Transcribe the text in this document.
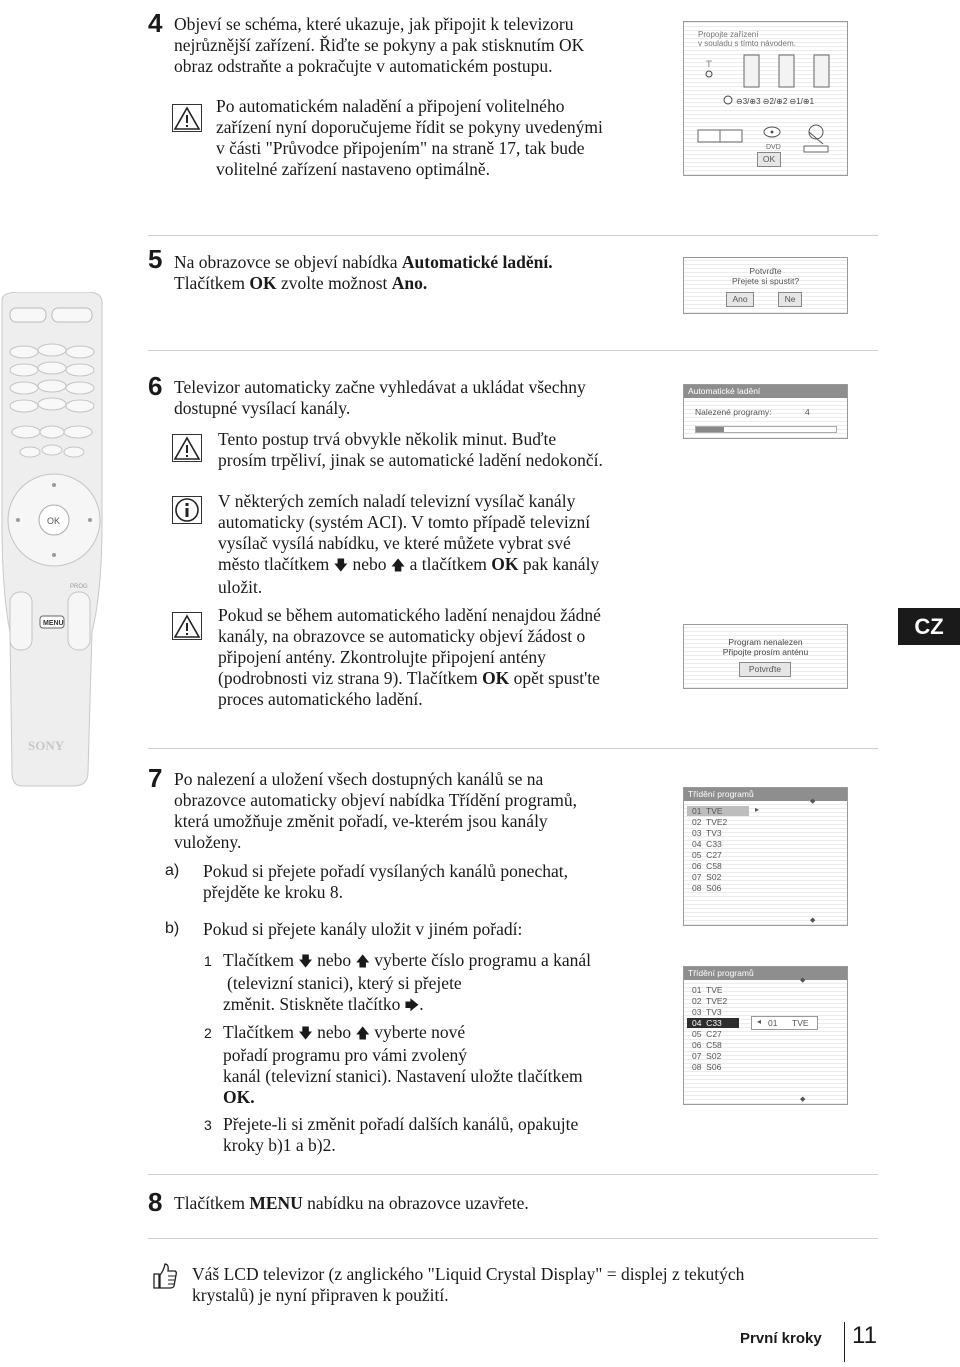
4 Objeví se schéma, které ukazuje, jak připojit k televizoru
nejrůznější zařízení. Řiďte se pokyny a pak stisknutím OK
obraz odstraňte a pokračujte v automatickém postupu.
Po automatickém naladění a připojení volitelného
zařízení nyní doporučujeme řídit se pokyny uvedenými
v části "Průvodce připojením" na straně 17, tak bude
volitelné zařízení nastaveno optimálně.
Propojte zařízení
v souladu s tímto návodem.
⊤
⊖3/⊕3 ⊖2/⊕2 ⊖1/⊕1
DVD
OK
5 Na obrazovce se objeví nabídka Automatické ladění.
Tlačítkem OK zvolte možnost Ano.
Potvrďte
Přejete si spustit?
Ano	Ne
OK
MENU
PROG
SONY
6 Televizor automaticky začne vyhledávat a ukládat všechny
dostupné vysílací kanály.
Tento postup trvá obvykle několik minut. Buďte
prosím trpěliví, jinak se automatické ladění nedokončí.
V některých zemích naladí televizní vysílač kanály
automaticky (systém ACI). V tomto případě televizní
vysílač vysílá nabídku, ve které můžete vybrat své
město tlačítkem 🡇 nebo 🡅 a tlačítkem OK pak kanály
uložit.
Pokud se během automatického ladění nenajdou žádné
kanály, na obrazovce se automaticky objeví žádost o
připojení antény. Zkontrolujte připojení antény
(podrobnosti viz strana 9). Tlačítkem OK opět spust'te
proces automatického ladění.
Automatické ladění
Nalezené programy:	4
Program nenalezen
Připojte prosím anténu
Potvrďte
CZ
7 Po nalezení a uložení všech dostupných kanálů se na
obrazovce automaticky objeví nabídka Třídění programů,
která umožňuje změnit pořadí, ve-kterém jsou kanály
vuloženy.
a) Pokud si přejete pořadí vysílaných kanálů ponechat,
přejděte ke kroku 8.
b) Pokud si přejete kanály uložit v jiném pořadí:
1 Tlačítkem 🡇 nebo 🡅 vyberte číslo programu a kanál
(televizní stanici), který si přejete
změnit. Stiskněte tlačítko 🡆.
2 Tlačítkem 🡇 nebo 🡅 vyberte nové
pořadí programu pro vámi zvolený
kanál (televizní stanici). Nastavení uložte tlačítkem
OK.
3 Přejete-li si změnit pořadí dalších kanálů, opakujte
kroky b)1 a b)2.
Třídění programů
01  TVE
02  TVE2
03  TV3
04  C33
05  C27
06  C58
07  S02
08  S06
▸
◆
◆
Třídění programů
01  TVE
02  TVE2
03  TV3
04  C33
05  C27
06  C58
07  S02
08  S06
◂ 01 TVE
◆
◆
8 Tlačítkem MENU nabídku na obrazovce uzavřete.
Váš LCD televizor (z anglického "Liquid Crystal Display" = displej z tekutých
krystalů) je nyní připraven k použití.
První kroky 11
